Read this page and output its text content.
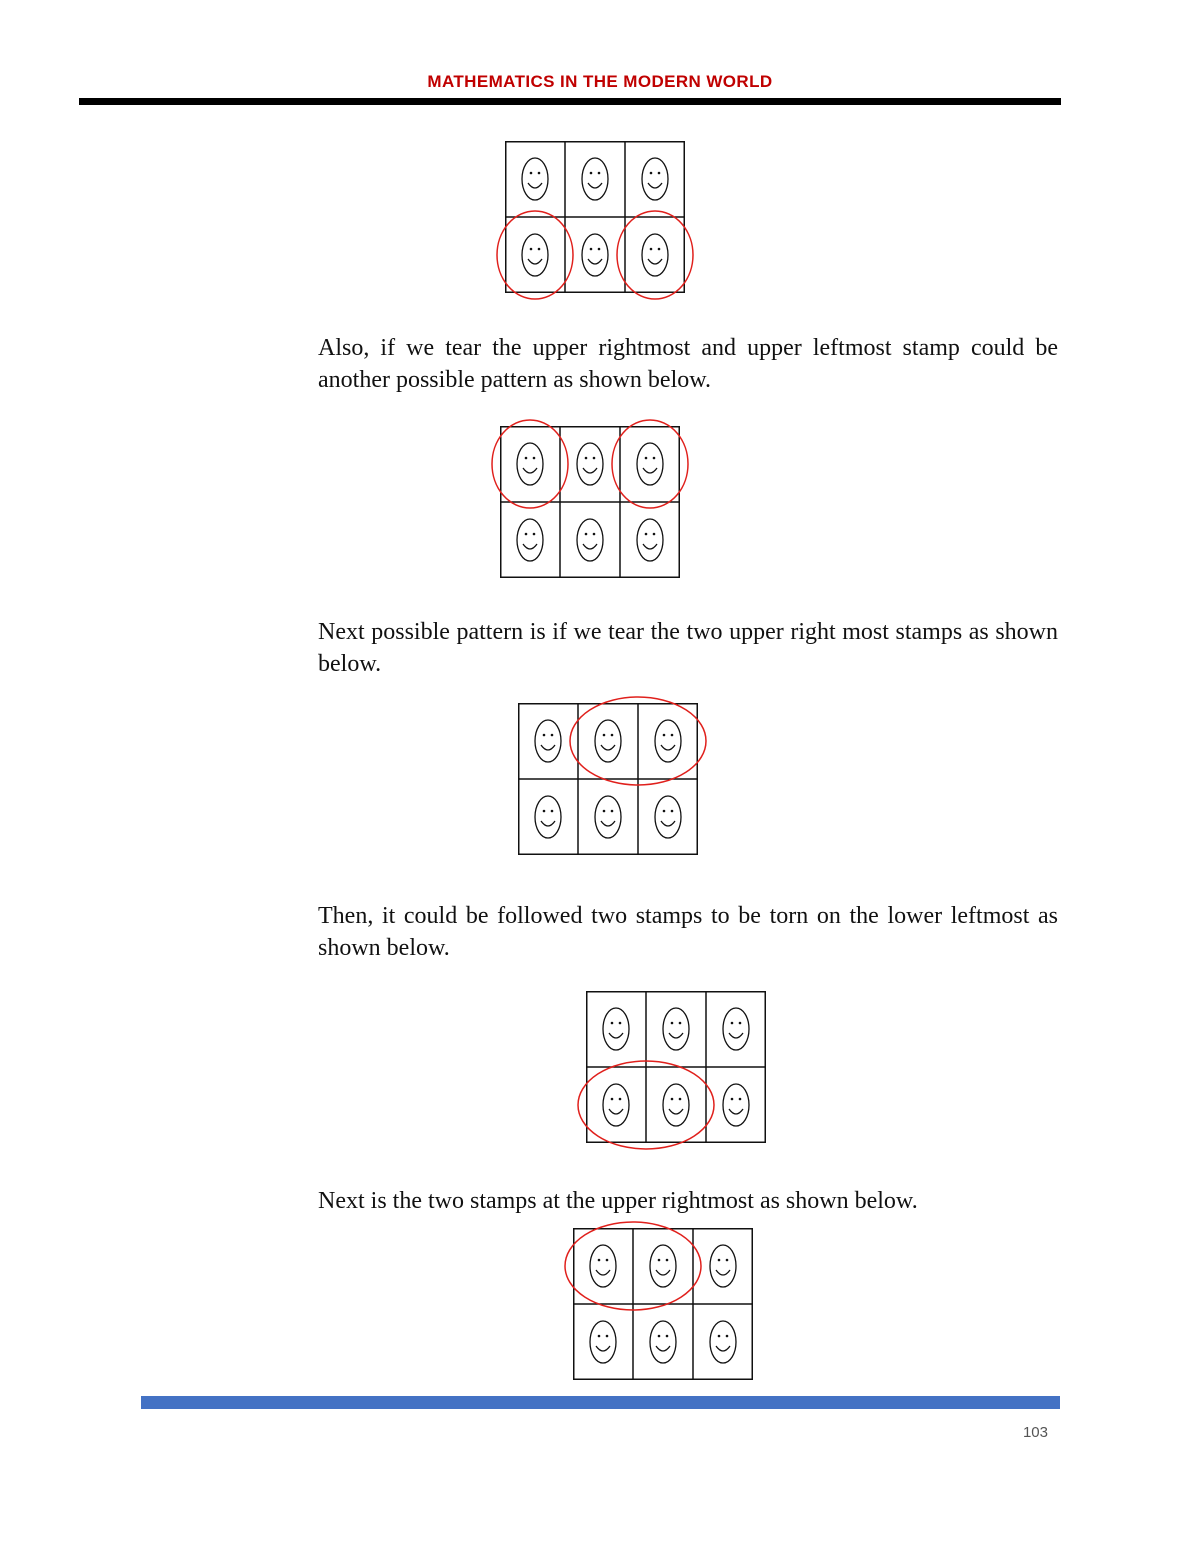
MATHEMATICS IN THE MODERN WORLD

Also, if we tear the upper rightmost and upper leftmost stamp could be another possible pattern as shown below.

Next possible pattern is if we tear the two upper right most stamps as shown below.

Then, it could be followed two stamps to be torn on the lower leftmost as shown below.

Next is the two stamps at the upper rightmost as shown below.

103
